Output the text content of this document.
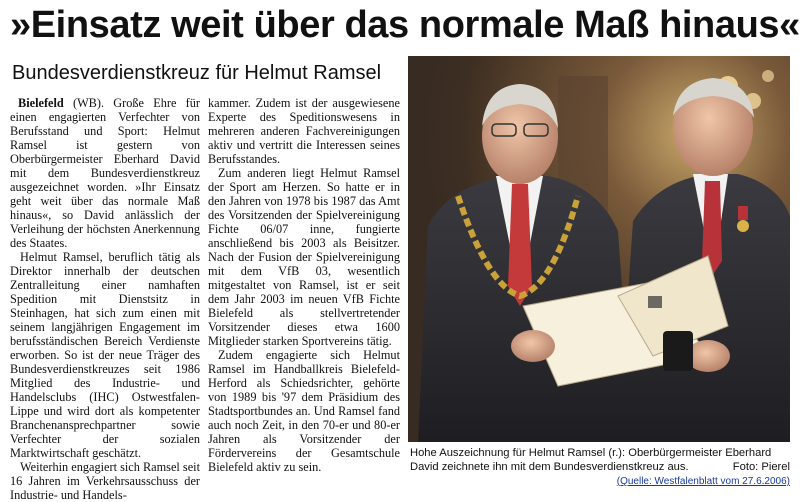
»Einsatz weit über das normale Maß hinaus«
Bundesverdienstkreuz für Helmut Ramsel

Bielefeld (WB). Große Ehre für einen engagierten Verfechter von Berufsstand und Sport: Helmut Ramsel ist gestern von Oberbürgermeister Eberhard David mit dem Bundesverdienstkreuz ausgezeichnet worden. »Ihr Einsatz geht weit über das normale Maß hinaus«, so David anlässlich der Verleihung der höchsten Anerkennung des Staates.

Helmut Ramsel, beruflich tätig als Direktor innerhalb der deutschen Zentralleitung einer namhaften Spedition mit Dienstsitz in Steinhagen, hat sich zum einen mit seinem langjährigen Engagement im berufsständischen Bereich Verdienste erworben. So ist der neue Träger des Bundesverdienstkreuzes seit 1986 Mitglied des Industrie- und Handelsclubs (IHC) Ostwestfalen-Lippe und wird dort als kompetenter Branchenansprechpartner sowie Verfechter der sozialen Marktwirtschaft geschätzt.

Weiterhin engagiert sich Ramsel seit 16 Jahren im Verkehrsausschuss der Industrie- und Handels-

kammer. Zudem ist der ausgewiesene Experte des Speditionswesens in mehreren anderen Fachvereinigungen aktiv und vertritt die Interessen seines Berufsstandes.

Zum anderen liegt Helmut Ramsel der Sport am Herzen. So hatte er in den Jahren von 1978 bis 1987 das Amt des Vorsitzenden der Spielvereinigung Fichte 06/07 inne, fungierte anschließend bis 2003 als Beisitzer. Nach der Fusion der Spielvereinigung mit dem VfB 03, wesentlich mitgestaltet von Ramsel, ist er seit dem Jahr 2003 im neuen VfB Fichte Bielefeld als stellvertretender Vorsitzender dieses etwa 1600 Mitglieder starken Sportvereins tätig.

Zudem engagierte sich Helmut Ramsel im Handballkreis Bielefeld-Herford als Schiedsrichter, gehörte von 1989 bis '97 dem Präsidium des Stadtsportbundes an. Und Ramsel fand auch noch Zeit, in den 70-er und 80-er Jahren als Vorsitzender der Fördervereins der Gesamtschule Bielefeld aktiv zu sein.

Hohe Auszeichnung für Helmut Ramsel (r.): Oberbürgermeister Eberhard David zeichnete ihn mit dem Bundesverdienstkreuz aus.	Foto: Pierel
(Quelle: Westfalenblatt vom 27.6.2006)
